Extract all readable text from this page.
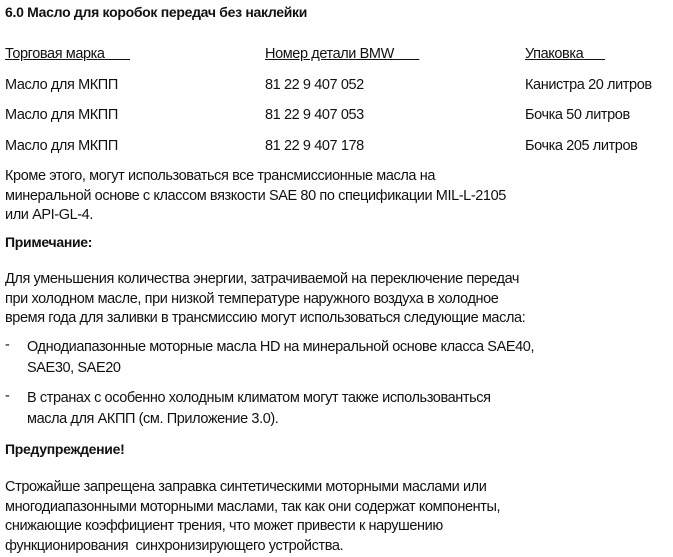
6.0 Масло для коробок передач без наклейки
Торговая марка	Номер детали BMW	Упаковка
Масло для МКПП	81 22 9 407 052	Канистра 20 литров
Масло для МКПП	81 22 9 407 053	Бочка 50 литров
Масло для МКПП	81 22 9 407 178	Бочка 205 литров
Кроме этого, могут использоваться все трансмиссионные масла на
минеральной основе с классом вязкости SAE 80 по спецификации MIL-L-2105
или API-GL-4.
Примечание:
Для уменьшения количества энергии, затрачиваемой на переключение передач
при холодном масле, при низкой температуре наружного воздуха в холодное
время года для заливки в трансмиссию могут использоваться следующие масла:
- Однодиапазонные моторные масла HD на минеральной основе класса SAE40,
SAE30, SAE20
- В странах с особенно холодным климатом могут также использованться
масла для АКПП (см. Приложение 3.0).
Предупреждение!
Строжайше запрещена заправка синтетическими моторными маслами или
многодиапазонными моторными маслами, так как они содержат компоненты,
снижающие коэффициент трения, что может привести к нарушению
функционирования  синхронизирующего устройства.
